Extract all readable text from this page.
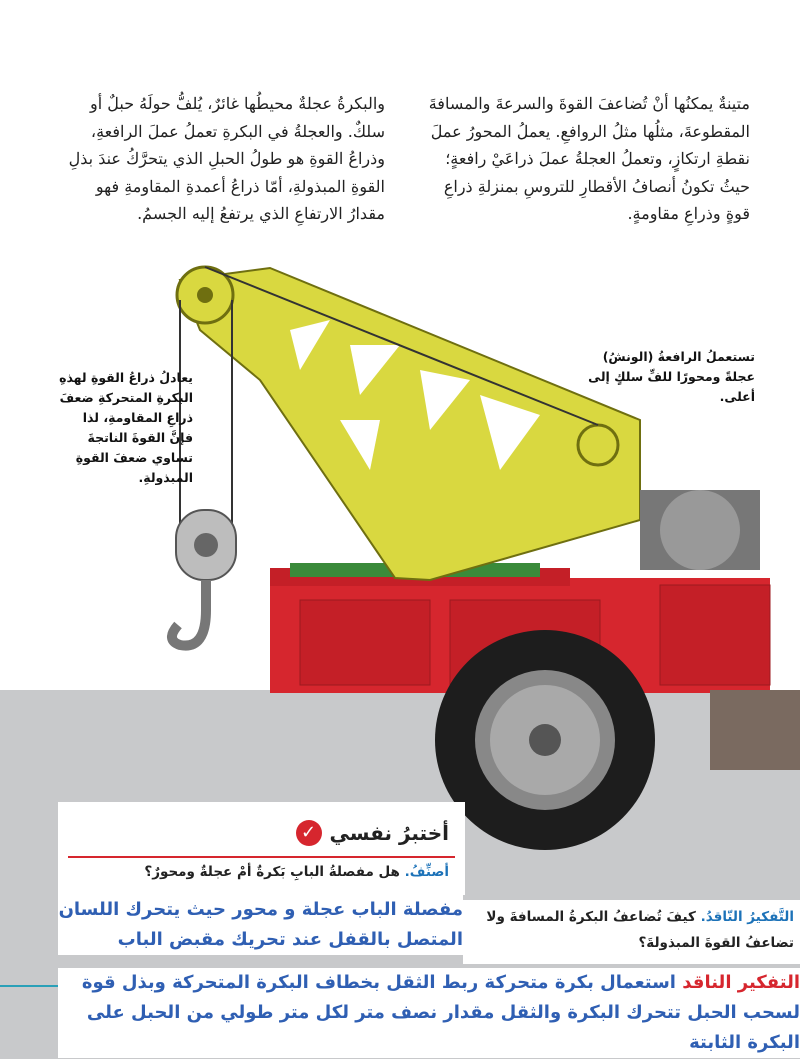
متينةٌ يمكنُها أنْ تُضاعفَ القوةَ والسرعةَ والمسافةَ المقطوعةَ، مثلُها مثلُ الروافعِ. يعملُ المحورُ عملَ نقطةِ ارتكازٍ، وتعملُ العجلةُ عملَ ذراعَيْ رافعةٍ؛ حيثُ تكونُ أنصافُ الأقطارِ للتروسِ بمنزلةِ ذراعِ قوةٍ وذراعِ مقاومةٍ.

والبكرةُ عجلةٌ محيطُها غائرٌ، يُلفُّ حولَهُ حبلٌ أو سلكٌ. والعجلةُ في البكرةِ تعملُ عملَ الرافعةِ، وذراعُ القوةِ هو طولُ الحبلِ الذي يتحرَّكُ عندَ بذلِ القوةِ المبذولةِ، أمّا ذراعُ أعمدةِ المقاومةِ فهو مقدارُ الارتفاعِ الذي يرتفعُ إليه الجسمُ.

تستعملُ الرافعةُ (الونشُ) عجلةً ومحورًا للفِّ سلكٍ إلى أعلى.
يعادلُ ذراعُ القوةِ لهذهِ البكرةِ المتحركةِ ضعفَ ذراعِ المقاومةِ، لذا فإنَّ القوةَ الناتجةَ تساوي ضعفَ القوةِ المبذولةِ.
أختبرُ نفسي
✓
أصنِّفُ. هل مفصلةُ البابِ بَكرةٌ أمْ عجلةٌ ومحورٌ؟
مفصلة الباب عجلة و محور حيث يتحرك اللسان المتصل بالقفل عند تحريك مقبض الباب
التَّفكيرُ النّاقدُ. كيفَ تُضاعفُ البكرةُ المسافةَ ولا تضاعفُ القوةَ المبذولةَ؟
التفكير الناقد استعمال بكرة متحركة ربط الثقل بخطاف البكرة المتحركة وبذل قوة لسحب الحبل تتحرك البكرة والثقل مقدار نصف متر لكل متر طولي من الحبل على البكرة الثابتة
